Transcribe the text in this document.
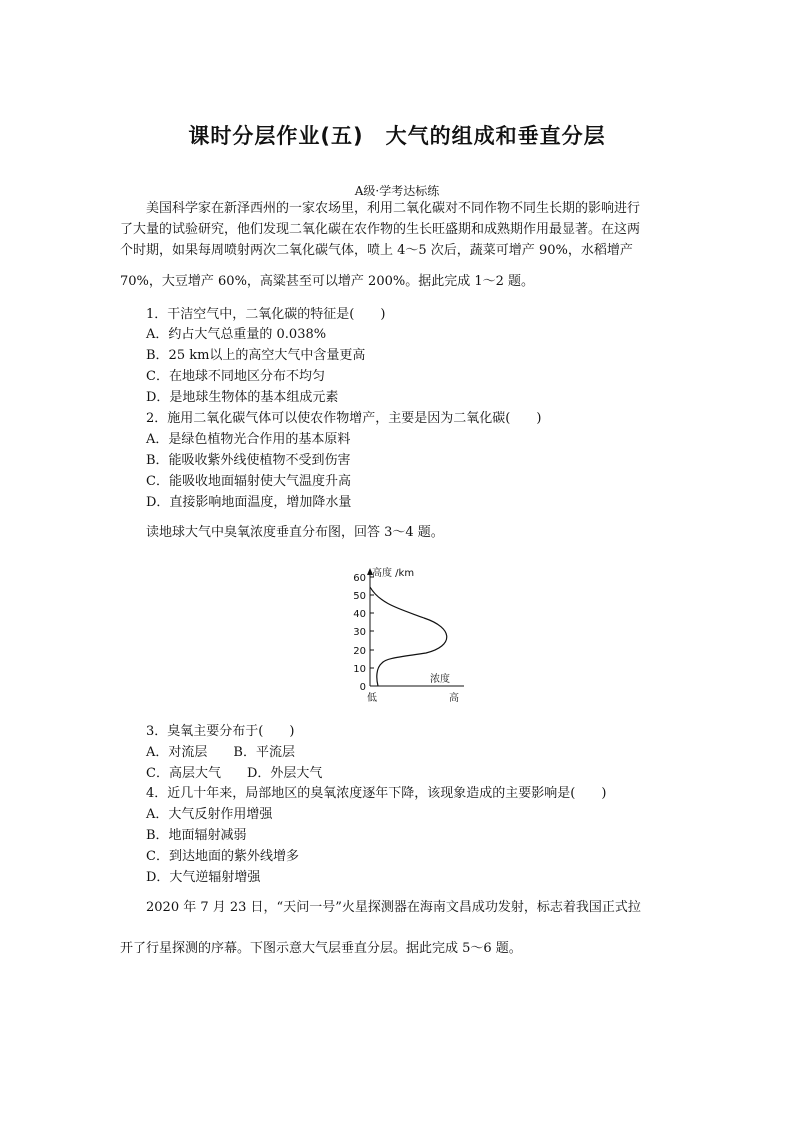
课时分层作业(五)　大气的组成和垂直分层
A级·学考达标练
美国科学家在新泽西州的一家农场里，利用二氧化碳对不同作物不同生长期的影响进行
了大量的试验研究，他们发现二氧化碳在农作物的生长旺盛期和成熟期作用最显著。在这两
个时期，如果每周喷射两次二氧化碳气体，喷上 4～5 次后，蔬菜可增产 90%，水稻增产
70%，大豆增产 60%，高粱甚至可以增产 200%。据此完成 1～2 题。
1．干洁空气中，二氧化碳的特征是(　　)
A．约占大气总重量的 0.038%
B．25 km以上的高空大气中含量更高
C．在地球不同地区分布不均匀
D．是地球生物体的基本组成元素
2．施用二氧化碳气体可以使农作物增产，主要是因为二氧化碳(　　)
A．是绿色植物光合作用的基本原料
B．能吸收紫外线使植物不受到伤害
C．能吸收地面辐射使大气温度升高
D．直接影响地面温度，增加降水量
读地球大气中臭氧浓度垂直分布图，回答 3～4 题。
60
50
40
30
20
10
0
高度 /km
浓度
低	高
3．臭氧主要分布于(　　)
A．对流层　　B．平流层
C．高层大气　　D．外层大气
4．近几十年来，局部地区的臭氧浓度逐年下降，该现象造成的主要影响是(　　)
A．大气反射作用增强
B．地面辐射减弱
C．到达地面的紫外线增多
D．大气逆辐射增强
2020 年 7 月 23 日，“天问一号”火星探测器在海南文昌成功发射，标志着我国正式拉
开了行星探测的序幕。下图示意大气层垂直分层。据此完成 5～6 题。
